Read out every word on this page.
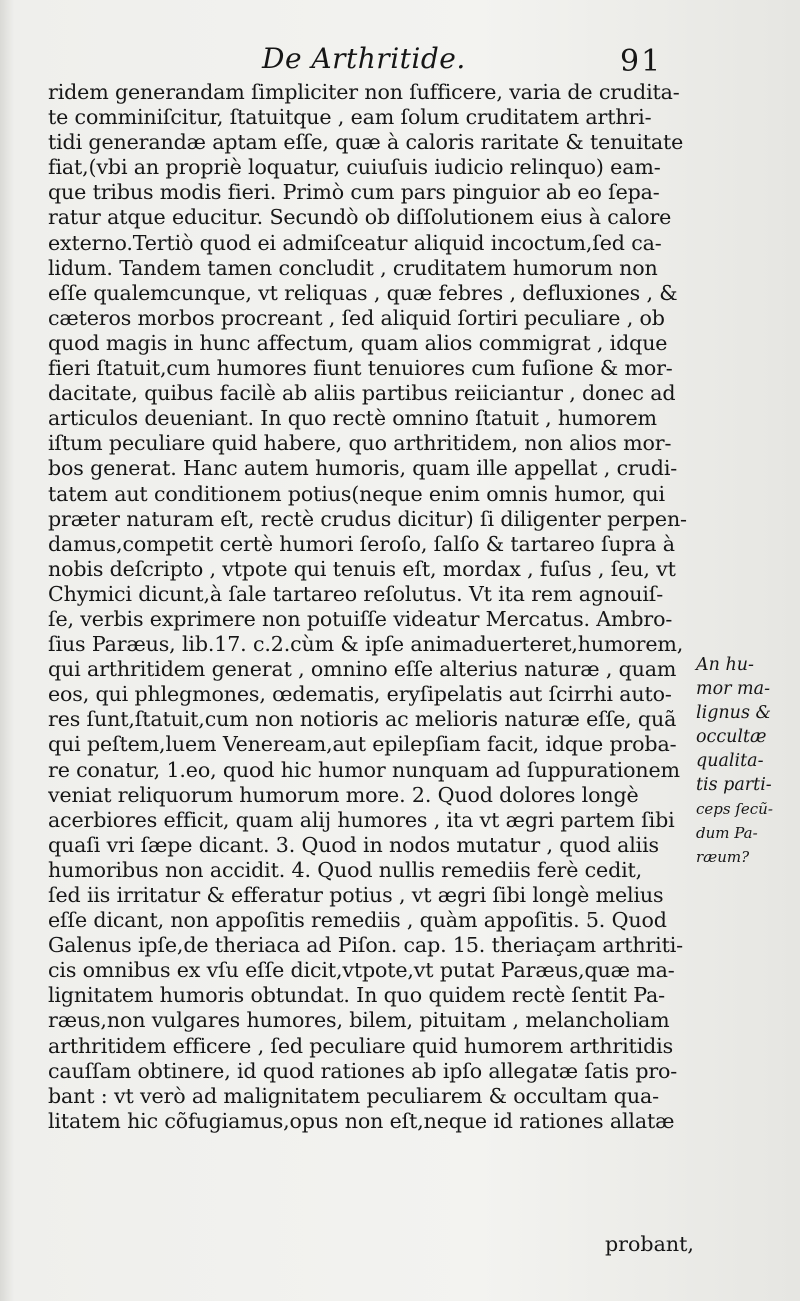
De Arthritide.	91
ridem generandam ſimpliciter non ſufficere, varia de crudita-
te comminiſcitur, ſtatuitque , eam ſolum cruditatem arthri-
tidi generandæ aptam eſſe, quæ à caloris raritate & tenuitate
fiat,(vbi an propriè loquatur, cuiuſuis iudicio relinquo) eam-
que tribus modis fieri. Primò cum pars pinguior ab eo ſepa-
ratur atque educitur. Secundò ob diſſolutionem eius à calore
externo.Tertiò quod ei admiſceatur aliquid incoctum,ſed ca-
lidum. Tandem tamen concludit , cruditatem humorum non
eſſe qualemcunque, vt reliquas , quæ febres , defluxiones , &
cæteros morbos procreant , ſed aliquid ſortiri peculiare , ob
quod magis in hunc affectum, quam alios commigrat , idque
fieri ſtatuit,cum humores fiunt tenuiores cum fuſione & mor-
dacitate, quibus facilè ab aliis partibus reiiciantur , donec ad
articulos deueniant. In quo rectè omnino ſtatuit , humorem
iſtum peculiare quid habere, quo arthritidem, non alios mor-
bos generat. Hanc autem humoris, quam ille appellat , crudi-
tatem aut conditionem potius(neque enim omnis humor, qui
præter naturam eſt, rectè crudus dicitur) ſi diligenter perpen-
damus,competit certè humori ſeroſo, ſalſo & tartareo ſupra à
nobis deſcripto , vtpote qui tenuis eſt, mordax , fuſus , ſeu, vt
Chymici dicunt,à ſale tartareo reſolutus. Vt ita rem agnouiſ-
ſe, verbis exprimere non potuiſſe videatur Mercatus. Ambro-
ſius Paræus, lib.17. c.2.cùm & ipſe animaduerteret,humorem,
qui arthritidem generat , omnino eſſe alterius naturæ , quam
eos, qui phlegmones, œdematis, eryſipelatis aut ſcirrhi auto-
res ſunt,ſtatuit,cum non notioris ac melioris naturæ eſſe, quã
qui peſtem,luem Veneream,aut epilepſiam facit, idque proba-
re conatur, 1.eo, quod hic humor nunquam ad ſuppurationem
veniat reliquorum humorum more. 2. Quod dolores longè
acerbiores efficit, quam alij humores , ita vt ægri partem ſibi
quaſi vri ſæpe dicant. 3. Quod in nodos mutatur , quod aliis
humoribus non accidit. 4. Quod nullis remediis ferè cedit,
ſed iis irritatur & efferatur potius , vt ægri ſibi longè melius
eſſe dicant, non appoſitis remediis , quàm appoſitis. 5. Quod
Galenus ipſe,de theriaca ad Piſon. cap. 15. theriaçam arthriti-
cis omnibus ex vſu eſſe dicit,vtpote,vt putat Paræus,quæ ma-
lignitatem humoris obtundat. In quo quidem rectè ſentit Pa-
ræus,non vulgares humores, bilem, pituitam , melancholiam
arthritidem efficere , ſed peculiare quid humorem arthritidis
cauſſam obtinere, id quod rationes ab ipſo allegatæ ſatis pro-
bant : vt verò ad malignitatem peculiarem & occultam qua-
litatem hic cõfugiamus,opus non eſt,neque id rationes allatæ
probant,
An hu-
mor ma-
lignus &
occultæ
qualita-
tis parti-
ceps ſecũ-
dum Pa-
ræum?
